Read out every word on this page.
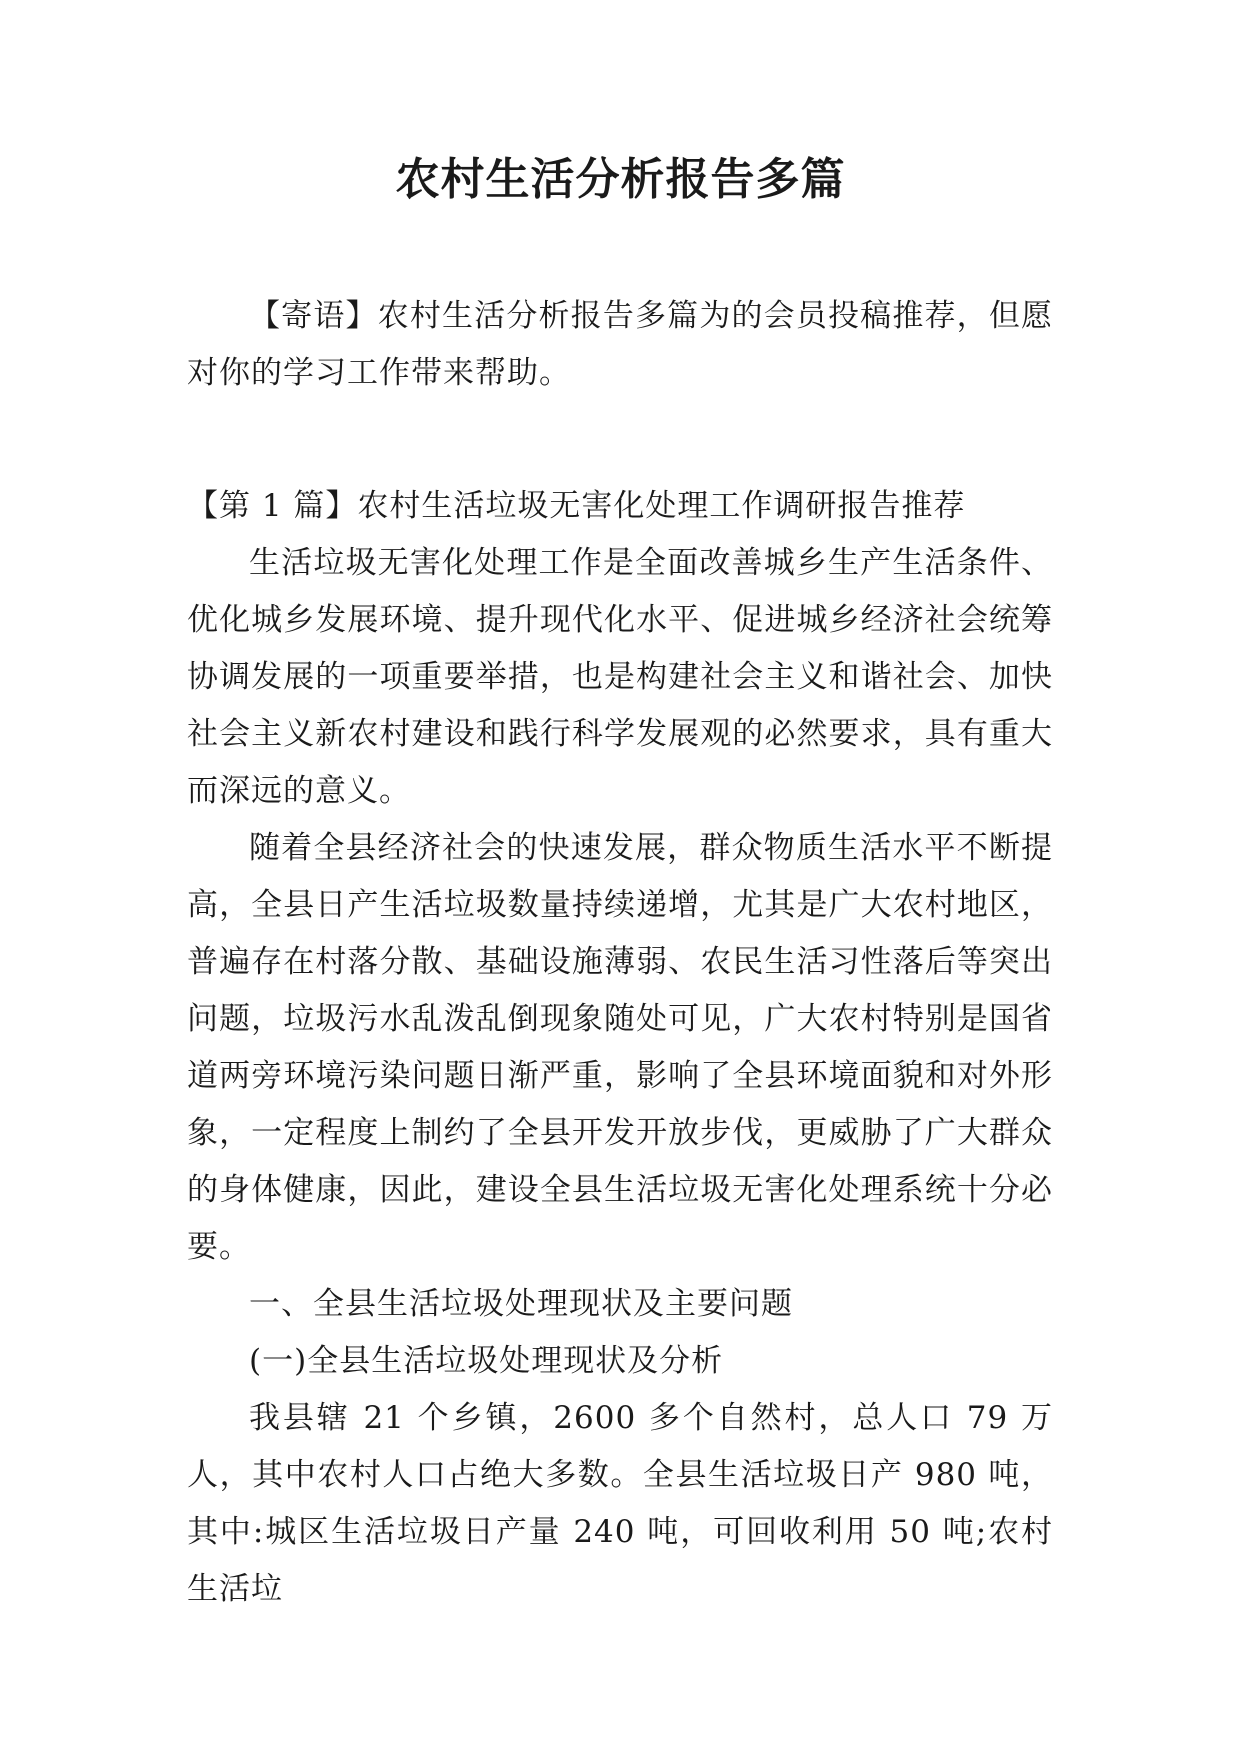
农村生活分析报告多篇

【寄语】农村生活分析报告多篇为的会员投稿推荐，但愿对你的学习工作带来帮助。

【第 1 篇】农村生活垃圾无害化处理工作调研报告推荐

生活垃圾无害化处理工作是全面改善城乡生产生活条件、优化城乡发展环境、提升现代化水平、促进城乡经济社会统筹协调发展的一项重要举措，也是构建社会主义和谐社会、加快社会主义新农村建设和践行科学发展观的必然要求，具有重大而深远的意义。

随着全县经济社会的快速发展，群众物质生活水平不断提高，全县日产生活垃圾数量持续递增，尤其是广大农村地区，普遍存在村落分散、基础设施薄弱、农民生活习性落后等突出问题，垃圾污水乱泼乱倒现象随处可见，广大农村特别是国省道两旁环境污染问题日渐严重，影响了全县环境面貌和对外形象，一定程度上制约了全县开发开放步伐，更威胁了广大群众的身体健康，因此，建设全县生活垃圾无害化处理系统十分必要。

一、全县生活垃圾处理现状及主要问题

(一)全县生活垃圾处理现状及分析

我县辖 21 个乡镇，2600 多个自然村，总人口 79 万人，其中农村人口占绝大多数。全县生活垃圾日产 980 吨，其中:城区生活垃圾日产量 240 吨，可回收利用 50 吨;农村生活垃
